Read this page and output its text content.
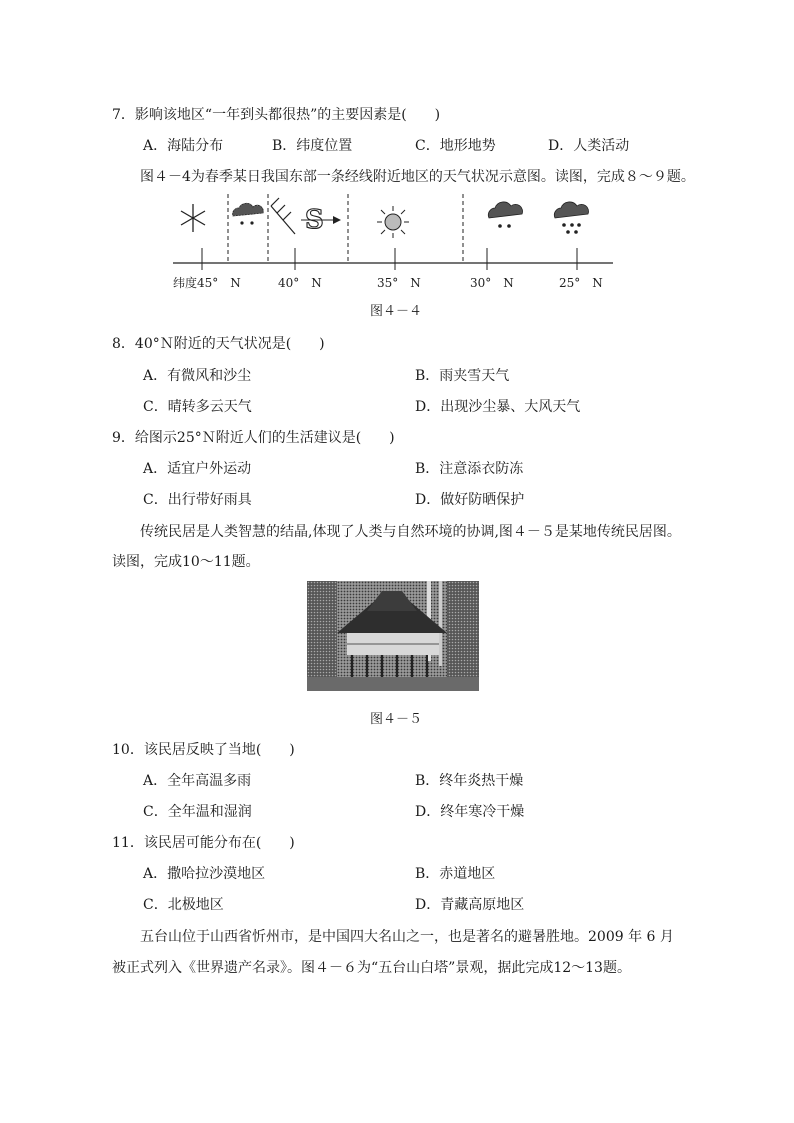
7．影响该地区“一年到头都很热”的主要因素是(　　)
A．海陆分布	B．纬度位置	C．地形地势	D．人类活动
图４－4为春季某日我国东部一条经线附近地区的天气状况示意图。读图，完成８～９题。
S
纬度45°　N	40°　N	35°　N	30°　N	25°　N
图４－４
8．40°Ｎ附近的天气状况是(　　)
A．有微风和沙尘	B．雨夹雪天气
C．晴转多云天气	D．出现沙尘暴、大风天气
9．给图示25°Ｎ附近人们的生活建议是(　　)
A．适宜户外运动	B．注意添衣防冻
C．出行带好雨具	D．做好防晒保护
传统民居是人类智慧的结晶,体现了人类与自然环境的协调,图４－５是某地传统民居图。
读图，完成10～11题。
图４－５
10．该民居反映了当地(　　)
A．全年高温多雨	B．终年炎热干燥
C．全年温和湿润	D．终年寒冷干燥
11．该民居可能分布在(　　)
A．撒哈拉沙漠地区	B．赤道地区
C．北极地区	D．青藏高原地区
五台山位于山西省忻州市，是中国四大名山之一，也是著名的避暑胜地。2009 年 6 月
被正式列入《世界遗产名录》。图４－６为“五台山白塔”景观，据此完成12～13题。
